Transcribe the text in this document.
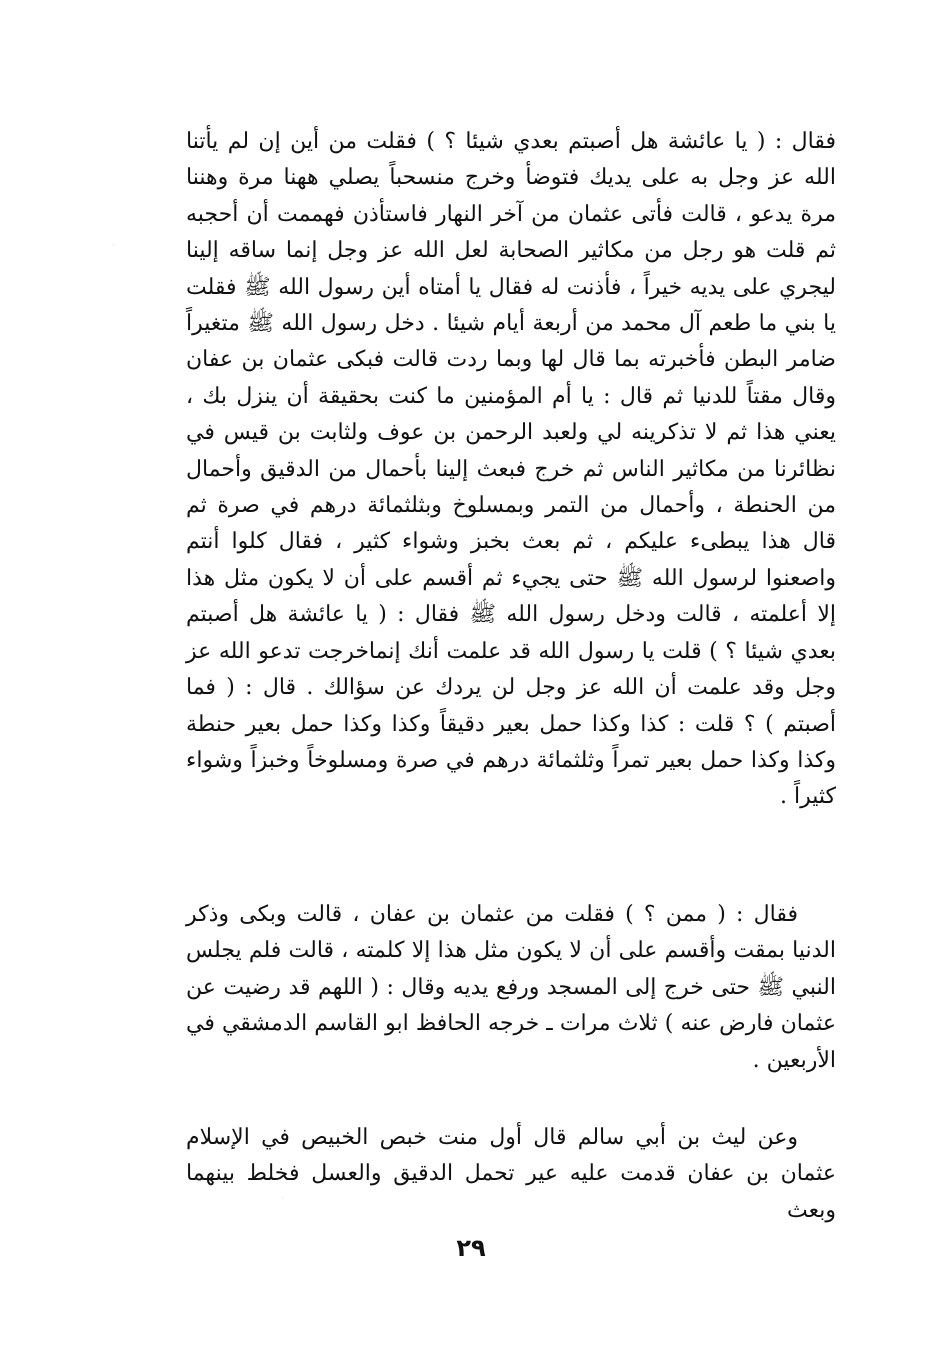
فقال : ( يا عائشة هل أصبتم بعدي شيئا ؟ ) فقلت من أين إن لم يأتنا الله عز وجل به على يديك فتوضأ وخرج منسحباً يصلي ههنا مرة وهننا مرة يدعو ، قالت فأتى عثمان من آخر النهار فاستأذن فهممت أن أحجبه ثم قلت هو رجل من مكاثير الصحابة لعل الله عز وجل إنما ساقه إلينا ليجري على يديه خيراً ، فأذنت له فقال يا أمتاه أين رسول الله ﷺ فقلت يا بني ما طعم آل محمد من أربعة أيام شيئا . دخل رسول الله ﷺ متغيراً ضامر البطن فأخبرته بما قال لها وبما ردت قالت فبكى عثمان بن عفان وقال مقتاً للدنيا ثم قال : يا أم المؤمنين ما كنت بحقيقة أن ينزل بك ، يعني هذا ثم لا تذكرينه لي ولعبد الرحمن بن عوف ولثابت بن قيس في نظائرنا من مكاثير الناس ثم خرج فبعث إلينا بأحمال من الدقيق وأحمال من الحنطة ، وأحمال من التمر وبمسلوخ وبثلثمائة درهم في صرة ثم قال هذا يبطىء عليكم ، ثم بعث بخبز وشواء كثير ، فقال كلوا أنتم واصعنوا لرسول الله ﷺ حتى يجيء ثم أقسم على أن لا يكون مثل هذا إلا أعلمته ، قالت ودخل رسول الله ﷺ فقال : ( يا عائشة هل أصبتم بعدي شيئا ؟ ) قلت يا رسول الله قد علمت أنك إنماخرجت تدعو الله عز وجل وقد علمت أن الله عز وجل لن يردك عن سؤالك . قال : ( فما أصبتم ) ؟ قلت : كذا وكذا حمل بعير دقيقاً وكذا وكذا حمل بعير حنطة وكذا وكذا حمل بعير تمراً وثلثمائة درهم في صرة ومسلوخاً وخبزاً وشواء كثيراً .

فقال : ( ممن ؟ ) فقلت من عثمان بن عفان ، قالت وبكى وذكر الدنيا بمقت وأقسم على أن لا يكون مثل هذا إلا كلمته ، قالت فلم يجلس النبي ﷺ حتى خرج إلى المسجد ورفع يديه وقال : ( اللهم قد رضيت عن عثمان فارض عنه ) ثلاث مرات ـ خرجه الحافظ ابو القاسم الدمشقي في الأربعين .

وعن ليث بن أبي سالم قال أول منت خبص الخبيص في الإسلام عثمان بن عفان قدمت عليه عير تحمل الدقيق والعسل فخلط بينهما وبعث

٢٩
